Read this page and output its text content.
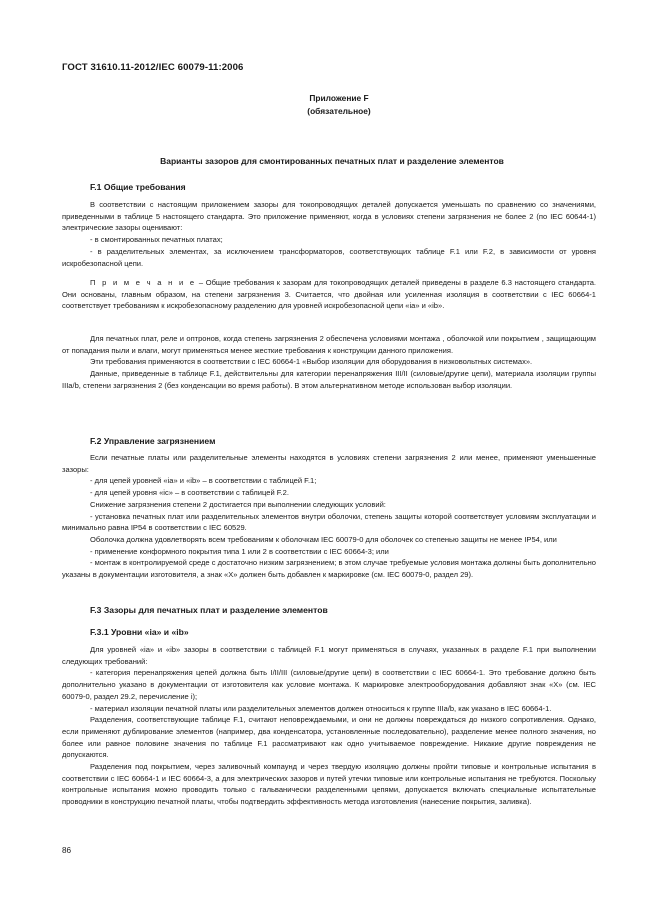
ГОСТ 31610.11-2012/IEC 60079-11:2006
Приложение F
(обязательное)
Варианты зазоров для смонтированных печатных плат и разделение элементов
F.1 Общие требования

В соответствии с настоящим приложением зазоры для токопроводящих деталей допускается уменьшать по сравнению со значениями, приведенными в таблице 5 настоящего стандарта. Это приложение применяют, когда в условиях степени загрязнения не более 2 (по IEC 60644-1) электрические зазоры оценивают:

- в смонтированных печатных платах;

- в разделительных элементах, за исключением трансформаторов, соответствующих таблице F.1 или F.2, в зависимости от уровня искробезопасной цепи.

П р и м е ч а н и е – Общие требования к зазорам для токопроводящих деталей приведены в разделе 6.3 настоящего стандарта. Они основаны, главным образом, на степени загрязнения 3. Считается, что двойная или усиленная изоляция в соответствии с IEC 60664-1 соответствует требованиям к искробезопасному разделению для уровней искробезопасной цепи «ia» и «ib».

Для печатных плат, реле и оптронов, когда степень загрязнения 2 обеспечена условиями монтажа , оболочкой или покрытием , защищающим от попадания пыли и влаги, могут применяться менее жесткие требования к конструкции данного приложения.

Эти требования применяются в соответствии с IEC 60664-1 «Выбор изоляции для оборудования в низковольтных системах».

Данные, приведенные в таблице F.1, действительны для категории перенапряжения III/II (силовые/другие цепи), материала изоляции группы IIIa/b, степени загрязнения 2 (без конденсации во время работы). В этом альтернативном методе использован выбор изоляции.

F.2 Управление загрязнением

Если печатные платы или разделительные элементы находятся в условиях степени загрязнения 2 или менее, применяют уменьшенные зазоры:

- для цепей уровней «ia» и «ib» – в соответствии с таблицей F.1;

- для цепей уровня «ic» – в соответствии с таблицей F.2.

Снижение загрязнения степени 2 достигается при выполнении следующих условий:

- установка печатных плат или разделительных элементов внутри оболочки, степень защиты которой соответствует условиям эксплуатации и минимально равна IP54 в соответствии с IEC 60529.

Оболочка должна удовлетворять всем требованиям к оболочкам IEC 60079-0 для оболочек со степенью защиты не менее IP54, или

- применение конформного покрытия типа 1 или 2 в соответствии с IEC 60664-3; или

- монтаж в контролируемой среде с достаточно низким загрязнением; в этом случае требуемые условия монтажа должны быть дополнительно указаны в документации изготовителя, а знак «X» должен быть добавлен к маркировке (см. IEC 60079-0, раздел 29).

F.3 Зазоры для печатных плат и разделение элементов
F.3.1 Уровни «ia» и «ib»

Для уровней «ia» и «ib» зазоры в соответствии с таблицей F.1 могут применяться в случаях, указанных в разделе F.1 при выполнении следующих требований:

- категория перенапряжения цепей должна быть I/II/III (силовые/другие цепи) в соответствии с IEC 60664-1. Это требование должно быть дополнительно указано в документации от изготовителя как условие монтажа. К маркировке электрооборудования добавляют знак «X» (см. IEC 60079-0, раздел 29.2, перечисление i);

- материал изоляции печатной платы или разделительных элементов должен относиться к группе IIIa/b, как указано в IEC 60664-1.

Разделения, соответствующие таблице F.1, считают неповреждаемыми, и они не должны повреждаться до низкого сопротивления. Однако, если применяют дублирование элементов (например, два конденсатора, установленные последовательно), разделение менее полного значения, но более или равное половине значения по таблице F.1 рассматривают как одно учитываемое повреждение. Никакие другие повреждения не допускаются.

Разделения под покрытием, через заливочный компаунд и через твердую изоляцию должны пройти типовые и контрольные испытания в соответствии с IEC 60664-1 и IEC 60664-3, а для электрических зазоров и путей утечки типовые или контрольные испытания не требуются. Поскольку контрольные испытания можно проводить только с гальванически разделенными цепями, допускается включать специальные испытательные проводники в конструкцию печатной платы, чтобы подтвердить эффективность метода изготовления (нанесение покрытия, заливка).

86
